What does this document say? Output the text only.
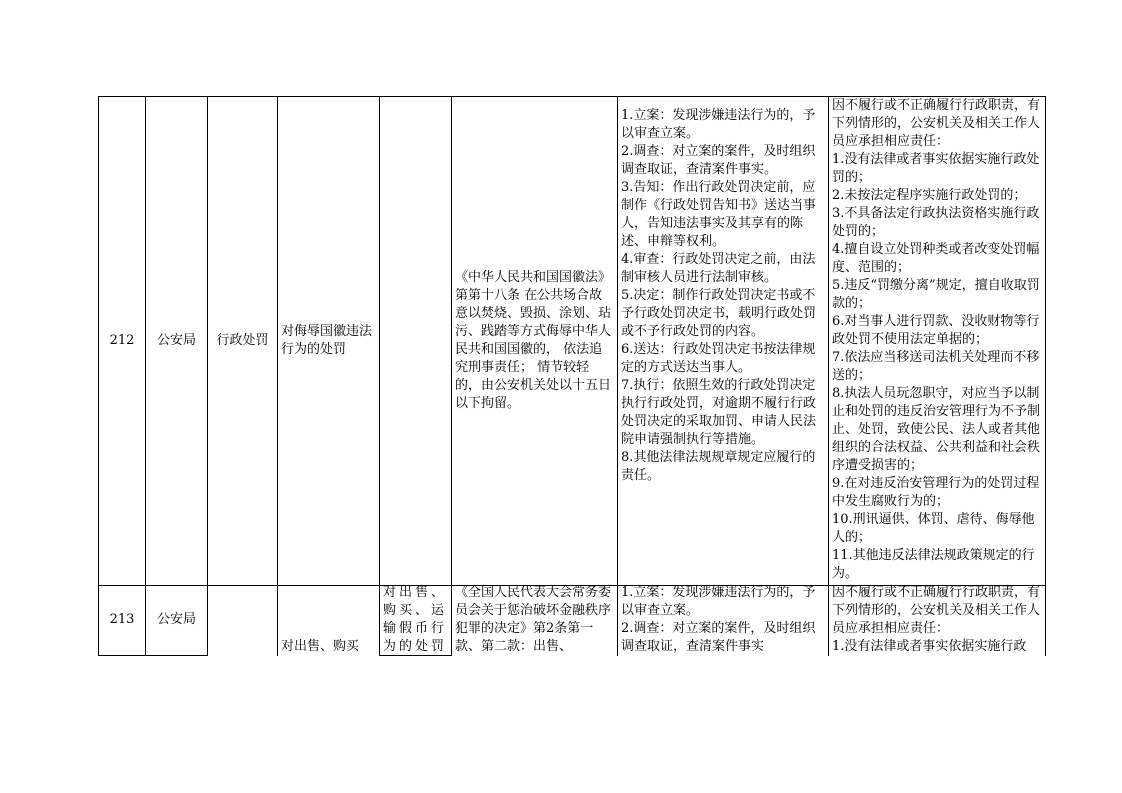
212 公安局 行政处罚
对侮辱国徽违法行为的处罚
《中华人民共和国国徽法》第第十八条 在公共场合故意以焚烧、毁损、涂划、玷污、践踏等方式侮辱中华人民共和国国徽的， 依法追究刑事责任； 情节较轻的，由公安机关处以十五日以下拘留。
1.立案：发现涉嫌违法行为的，予以审查立案。
2.调查：对立案的案件，及时组织调查取证，查清案件事实。
3.告知：作出行政处罚决定前，应制作《行政处罚告知书》送达当事人，告知违法事实及其享有的陈述、申辩等权利。
4.审查：行政处罚决定之前，由法制审核人员进行法制审核。
5.决定：制作行政处罚决定书或不予行政处罚决定书，载明行政处罚或不予行政处罚的内容。
6.送达：行政处罚决定书按法律规定的方式送达当事人。
7.执行：依照生效的行政处罚决定执行行政处罚，对逾期不履行行政处罚决定的采取加罚、申请人民法院申请强制执行等措施。
8.其他法律法规规章规定应履行的责任。
因不履行或不正确履行行政职责，有下列情形的，公安机关及相关工作人员应承担相应责任：
1.没有法律或者事实依据实施行政处罚的；
2.未按法定程序实施行政处罚的；
3.不具备法定行政执法资格实施行政处罚的；
4.擅自设立处罚种类或者改变处罚幅度、范围的；
5.违反“罚缴分离”规定，擅自收取罚款的；
6.对当事人进行罚款、没收财物等行政处罚不使用法定单据的；
7.依法应当移送司法机关处理而不移送的；
8.执法人员玩忽职守，对应当予以制止和处罚的违反治安管理行为不予制止、处罚，致使公民、法人或者其他组织的合法权益、公共利益和社会秩序遭受损害的；
9.在对违反治安管理行为的处罚过程中发生腐败行为的；
10.刑讯逼供、体罚、虐待、侮辱他人的；
11.其他违反法律法规政策规定的行为。
213 公安局
对出售、购买
对出售、购买、运输假币行为的处罚
《全国人民代表大会常务委员会关于惩治破坏金融秩序犯罪的决定》第2条第一款、第二款：出售、
1.立案：发现涉嫌违法行为的，予以审查立案。
2.调查：对立案的案件，及时组织调查取证，查清案件事实
因不履行或不正确履行行政职责，有下列情形的，公安机关及相关工作人员应承担相应责任：
1.没有法律或者事实依据实施行政
